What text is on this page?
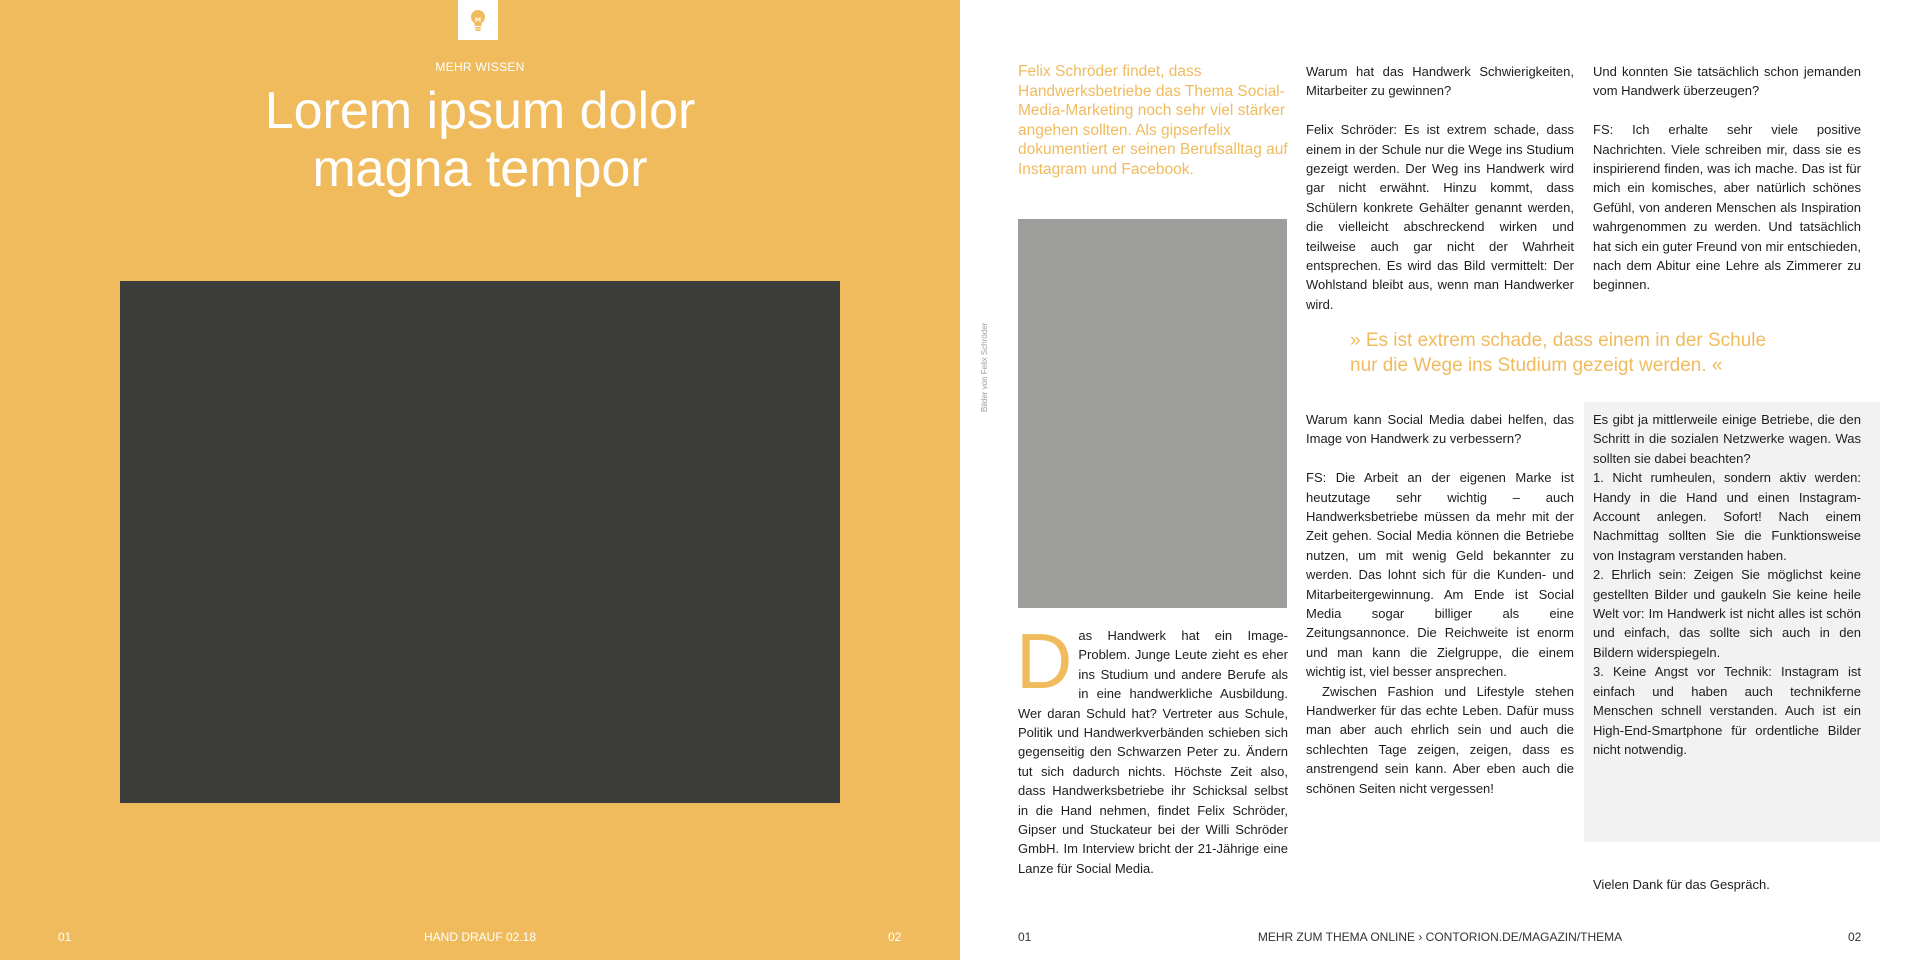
MEHR WISSEN
Lorem ipsum dolor
magna tempor
01	HAND DRAUF 02.18	02

Felix Schröder findet, dass Handwerksbetriebe das Thema Social-Media-Marketing noch sehr viel stärker angehen sollten. Als gipserfelix dokumentiert er seinen Berufsalltag auf Instagram und Facebook.

Bilder von Felix Schröder
D as Handwerk hat ein Image-Problem. Junge Leute zieht es eher ins Studium und andere Berufe als in eine handwerkliche Ausbildung. Wer daran Schuld hat? Vertreter aus Schule, Politik und Handwerkverbänden schieben sich gegenseitig den Schwarzen Peter zu. Ändern tut sich dadurch nichts. Höchste Zeit also, dass Handwerksbetriebe ihr Schicksal selbst in die Hand nehmen, findet Felix Schröder, Gipser und Stuckateur bei der Willi Schröder GmbH. Im Interview bricht der 21-Jährige eine Lanze für Social Media.

Warum hat das Handwerk Schwierigkeiten, Mitarbeiter zu gewinnen?

Felix Schröder: Es ist extrem schade, dass einem in der Schule nur die Wege ins Studium gezeigt werden. Der Weg ins Handwerk wird gar nicht erwähnt. Hinzu kommt, dass Schülern konkrete Gehälter genannt werden, die vielleicht abschreckend wirken und teilweise auch gar nicht der Wahrheit entsprechen. Es wird das Bild vermittelt: Der Wohlstand bleibt aus, wenn man Handwerker wird.

Und konnten Sie tatsächlich schon jemanden vom Handwerk überzeugen?

FS: Ich erhalte sehr viele positive Nachrichten. Viele schreiben mir, dass sie es inspirierend finden, was ich mache. Das ist für mich ein komisches, aber natürlich schönes Gefühl, von anderen Menschen als Inspiration wahrgenommen zu werden. Und tatsächlich hat sich ein guter Freund von mir entschieden, nach dem Abitur eine Lehre als Zimmerer zu beginnen.

» Es ist extrem schade, dass einem in der Schule
nur die Wege ins Studium gezeigt werden. «

Warum kann Social Media dabei helfen, das Image von Handwerk zu verbessern?

FS: Die Arbeit an der eigenen Marke ist heutzutage sehr wichtig – auch Handwerksbetriebe müssen da mehr mit der Zeit gehen. Social Media können die Betriebe nutzen, um mit wenig Geld bekannter zu werden. Das lohnt sich für die Kunden- und Mitarbeitergewinnung. Am Ende ist Social Media sogar billiger als eine Zeitungsannonce. Die Reichweite ist enorm und man kann die Zielgruppe, die einem wichtig ist, viel besser ansprechen.

Zwischen Fashion und Lifestyle stehen Handwerker für das echte Leben. Dafür muss man aber auch ehrlich sein und auch die schlechten Tage zeigen, zeigen, dass es anstrengend sein kann. Aber eben auch die schönen Seiten nicht vergessen!

Es gibt ja mittlerweile einige Betriebe, die den Schritt in die sozialen Netzwerke wagen. Was sollten sie dabei beachten?

1. Nicht rumheulen, sondern aktiv werden: Handy in die Hand und einen Instagram-Account anlegen. Sofort! Nach einem Nachmittag sollten Sie die Funktionsweise von Instagram verstanden haben.

2. Ehrlich sein: Zeigen Sie möglichst keine gestellten Bilder und gaukeln Sie keine heile Welt vor: Im Handwerk ist nicht alles ist schön und einfach, das sollte sich auch in den Bildern widerspiegeln.

3. Keine Angst vor Technik: Instagram ist einfach und haben auch technikferne Menschen schnell verstanden. Auch ist ein High-End-Smartphone für ordentliche Bilder nicht notwendig.

Vielen Dank für das Gespräch.
01	MEHR ZUM THEMA ONLINE › CONTORION.DE/MAGAZIN/THEMA	02
